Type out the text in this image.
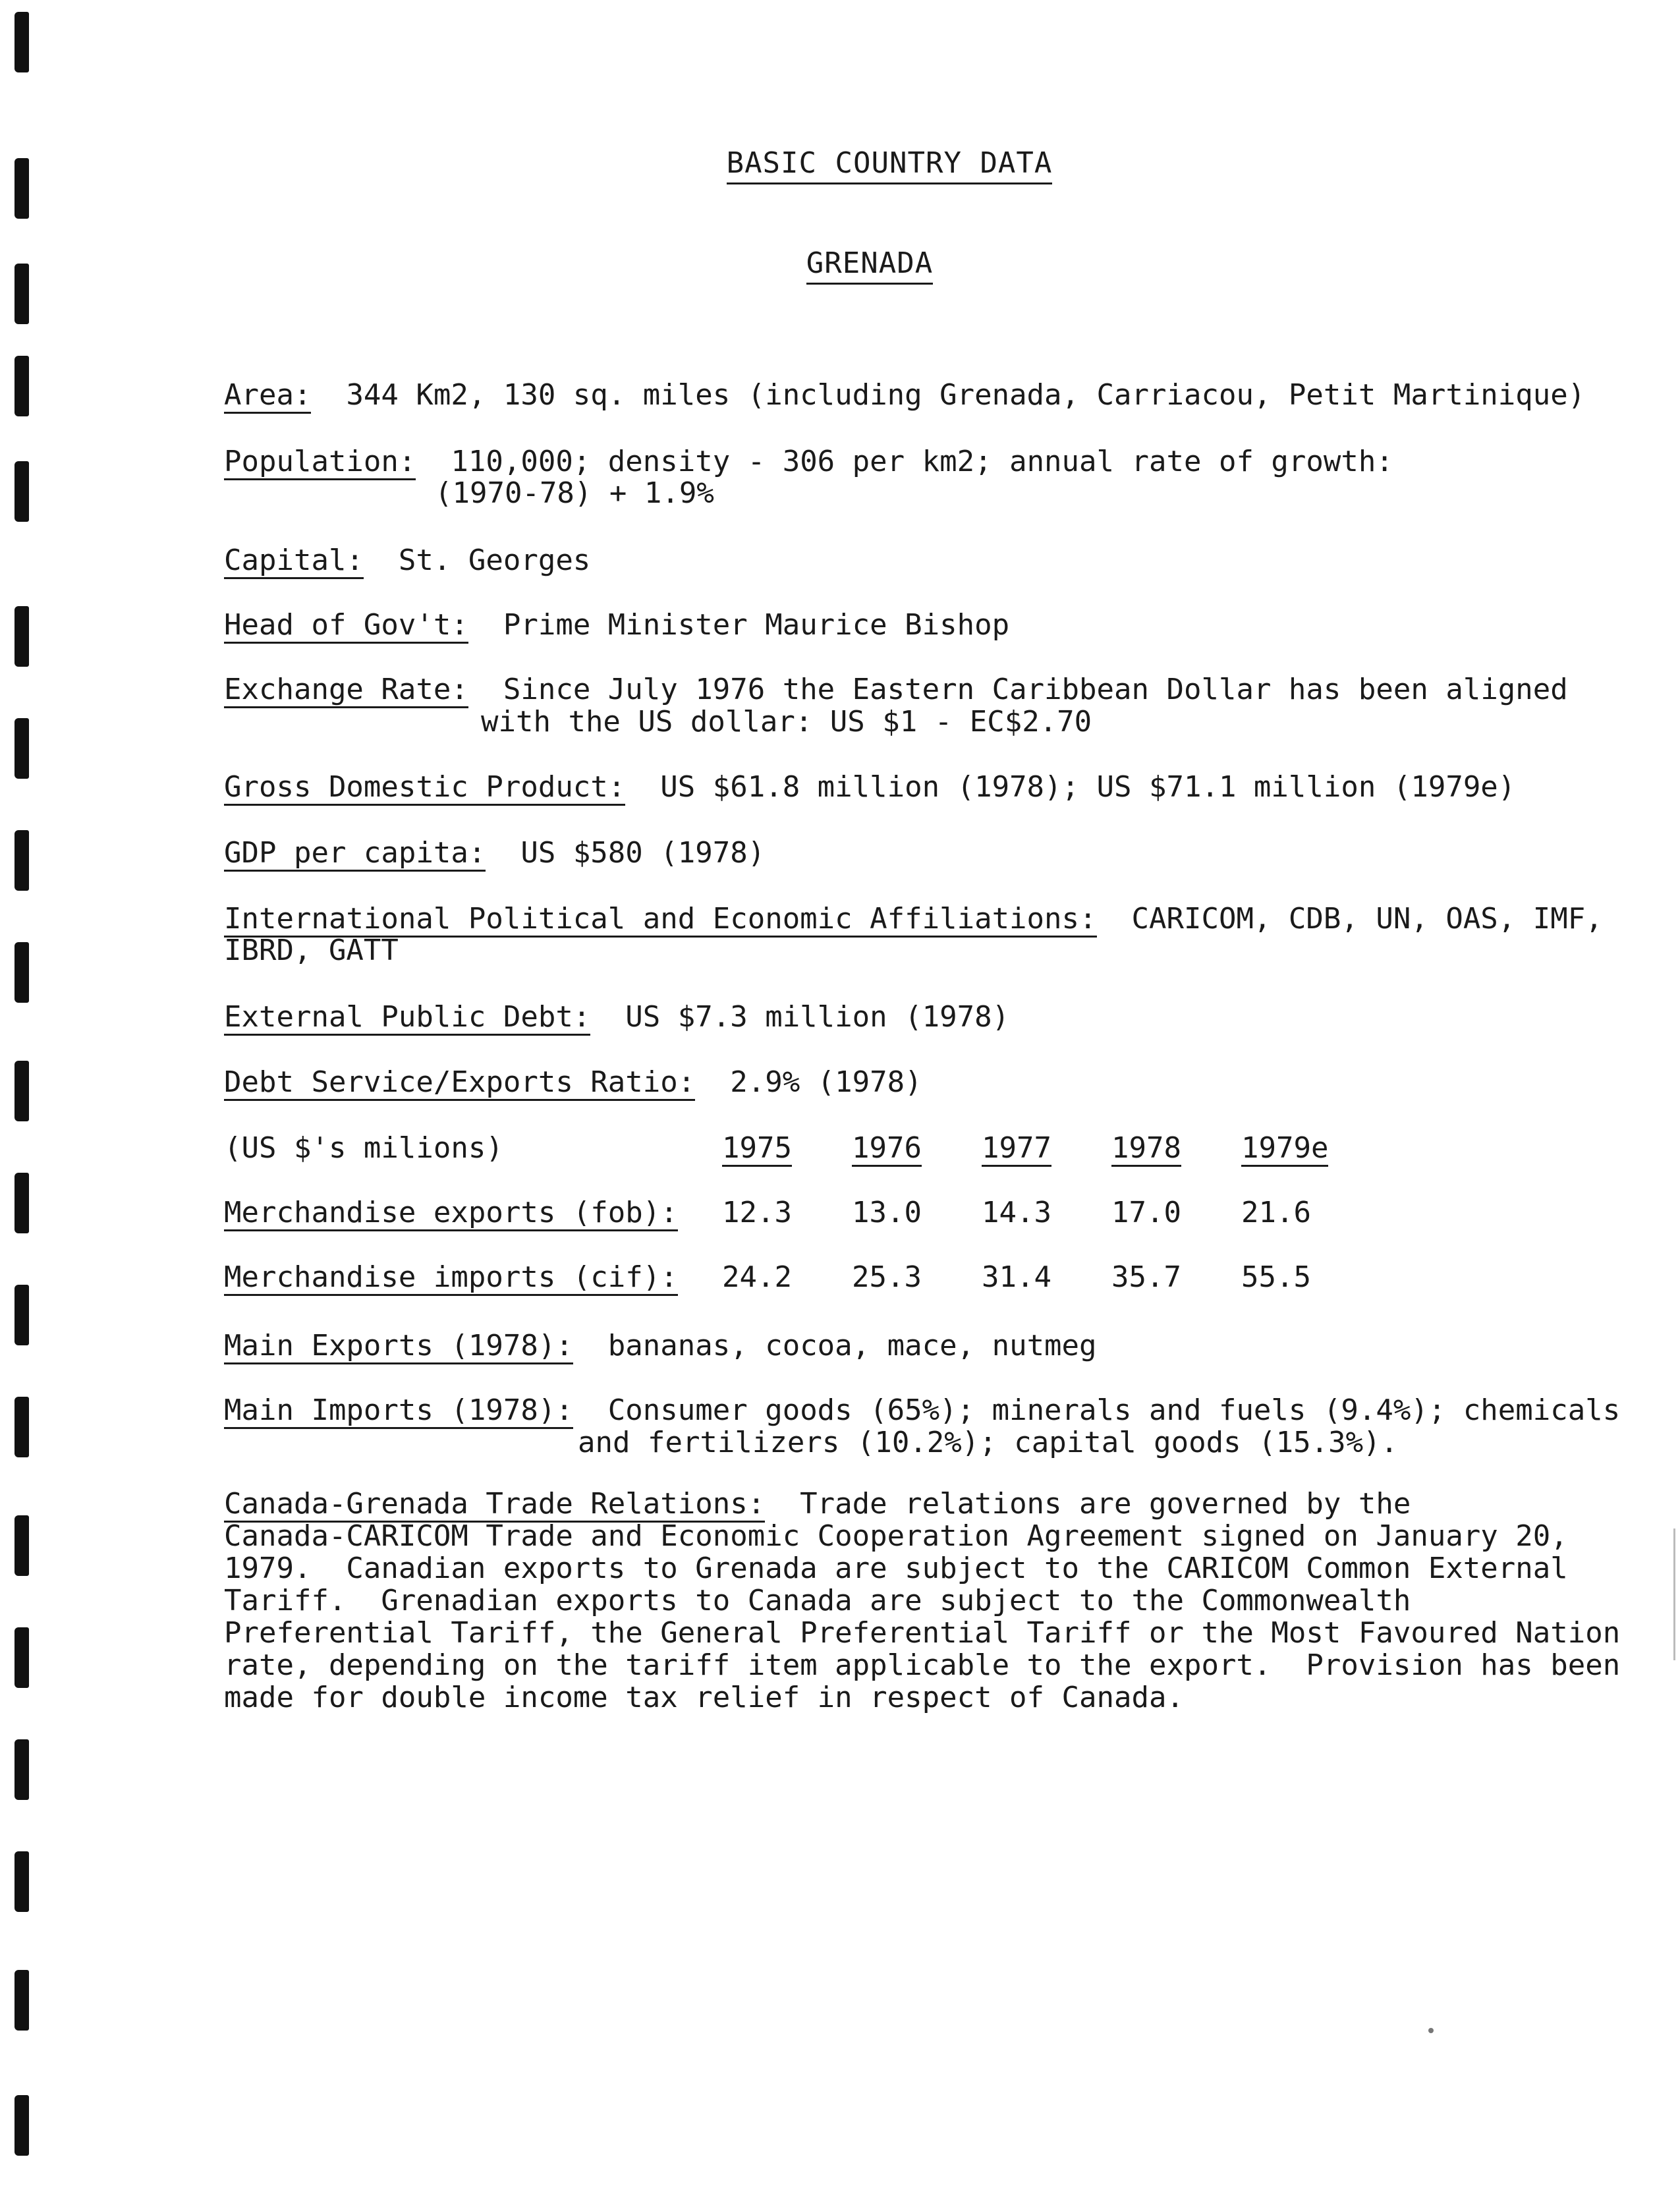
BASIC COUNTRY DATA
GRENADA
Area: 344 Km2, 130 sq. miles (including Grenada, Carriacou, Petit Martinique)
Population: 110,000; density - 306 per km2; annual rate of growth:
(1970-78) + 1.9%
Capital: St. Georges
Head of Gov't: Prime Minister Maurice Bishop
Exchange Rate: Since July 1976 the Eastern Caribbean Dollar has been aligned
with the US dollar: US $1 - EC$2.70
Gross Domestic Product: US $61.8 million (1978); US $71.1 million (1979e)
GDP per capita: US $580 (1978)
International Political and Economic Affiliations: CARICOM, CDB, UN, OAS, IMF,
IBRD, GATT
External Public Debt: US $7.3 million (1978)
Debt Service/Exports Ratio: 2.9% (1978)
(US $'s milions)	1975 1976 1977 1978 1979e
Merchandise exports (fob): 12.3 13.0 14.3 17.0 21.6
Merchandise imports (cif): 24.2 25.3 31.4 35.7 55.5
Main Exports (1978): bananas, cocoa, mace, nutmeg
Main Imports (1978): Consumer goods (65%); minerals and fuels (9.4%); chemicals
and fertilizers (10.2%); capital goods (15.3%).
Canada-Grenada Trade Relations:  Trade relations are governed by the
Canada-CARICOM Trade and Economic Cooperation Agreement signed on January 20,
1979.  Canadian exports to Grenada are subject to the CARICOM Common External
Tariff.  Grenadian exports to Canada are subject to the Commonwealth
Preferential Tariff, the General Preferential Tariff or the Most Favoured Nation
rate, depending on the tariff item applicable to the export.  Provision has been
made for double income tax relief in respect of Canada.
